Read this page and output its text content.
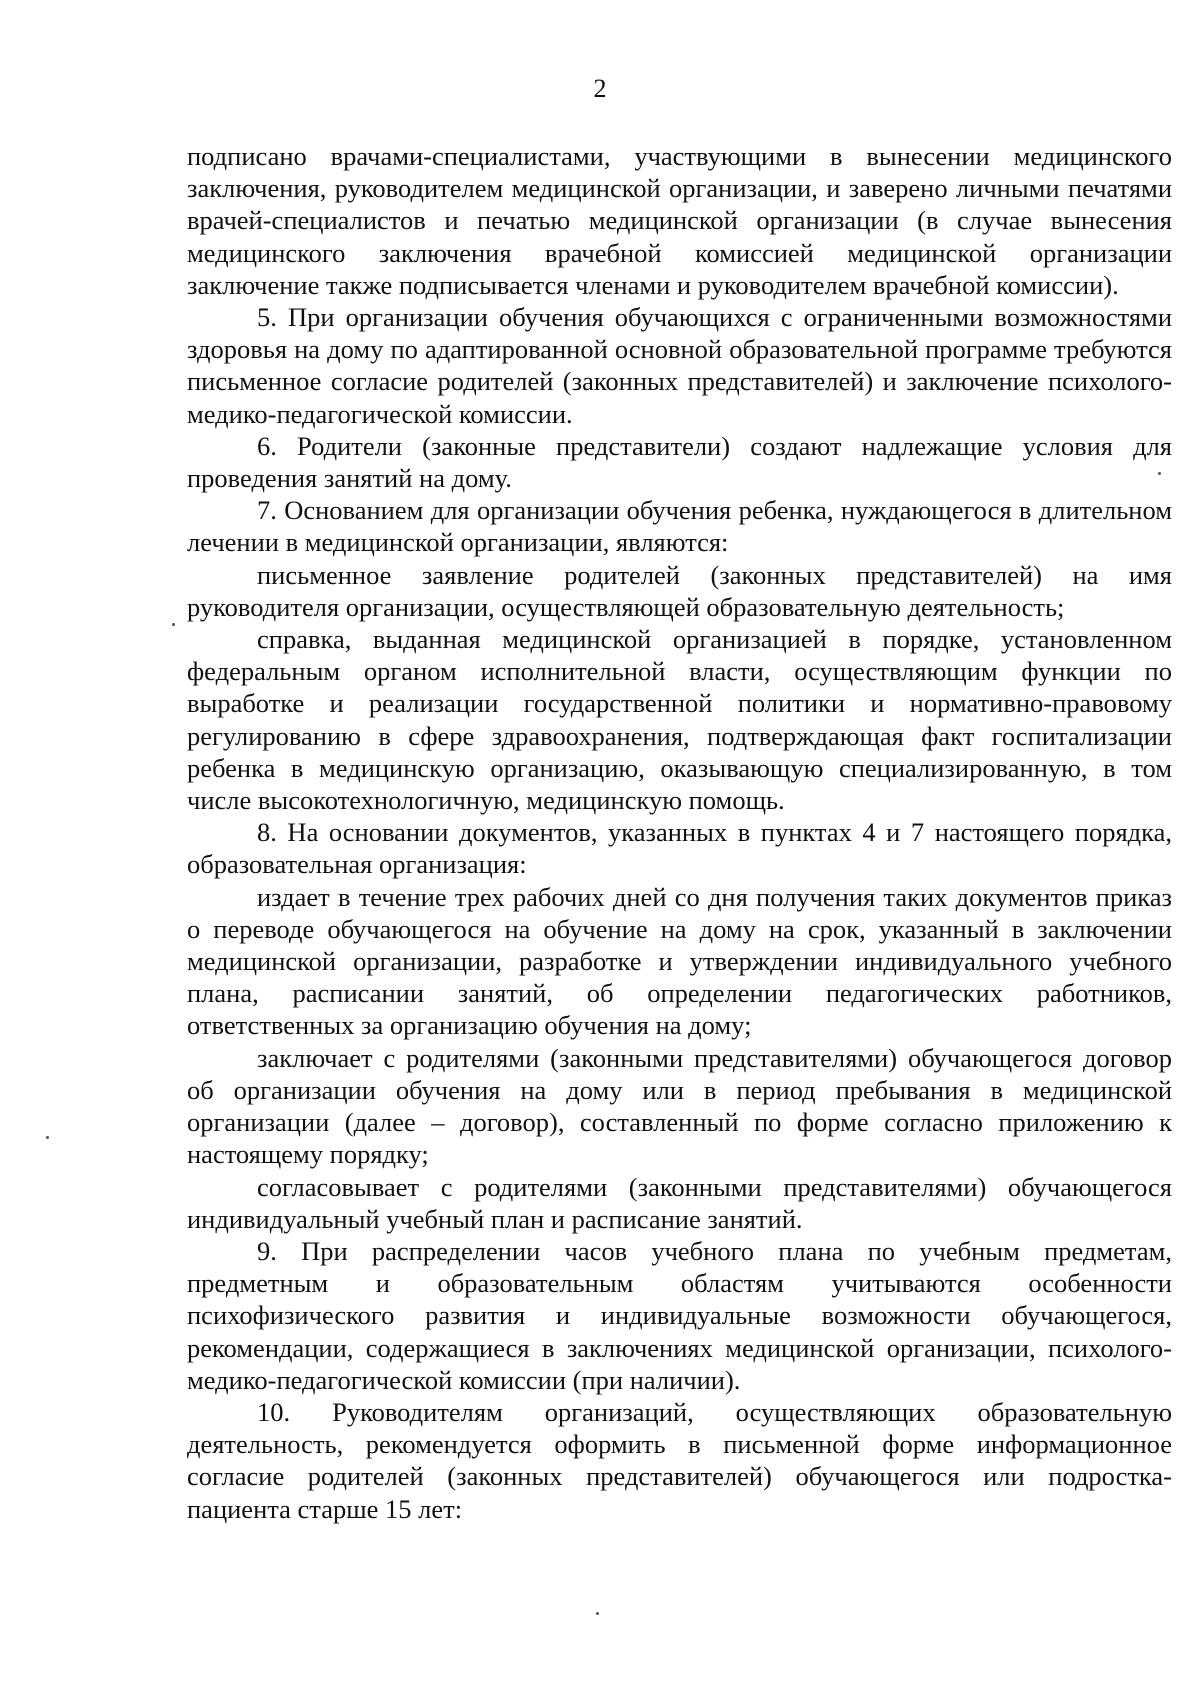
2

подписано врачами-специалистами, участвующими в вынесении медицинского заключения, руководителем медицинской организации, и заверено личными печатями врачей-специалистов и печатью медицинской организации (в случае вынесения медицинского заключения врачебной комиссией медицинской организации заключение также подписывается членами и руководителем врачебной комиссии).

5. При организации обучения обучающихся с ограниченными возможностями здоровья на дому по адаптированной основной образовательной программе требуются письменное согласие родителей (законных представителей) и заключение психолого-медико-педагогической комиссии.

6. Родители (законные представители) создают надлежащие условия для проведения занятий на дому.

7. Основанием для организации обучения ребенка, нуждающегося в длительном лечении в медицинской организации, являются:

письменное заявление родителей (законных представителей) на имя руководителя организации, осуществляющей образовательную деятельность;

справка, выданная медицинской организацией в порядке, установленном федеральным органом исполнительной власти, осуществляющим функции по выработке и реализации государственной политики и нормативно-правовому регулированию в сфере здравоохранения, подтверждающая факт госпитализации ребенка в медицинскую организацию, оказывающую специализированную, в том числе высокотехнологичную, медицинскую помощь.

8. На основании документов, указанных в пунктах 4 и 7 настоящего порядка, образовательная организация:

издает в течение трех рабочих дней со дня получения таких документов приказ о переводе обучающегося на обучение на дому на срок, указанный в заключении медицинской организации, разработке и утверждении индивидуального учебного плана, расписании занятий, об определении педагогических работников, ответственных за организацию обучения на дому;

заключает с родителями (законными представителями) обучающегося договор об организации обучения на дому или в период пребывания в медицинской организации (далее – договор), составленный по форме согласно приложению к настоящему порядку;

согласовывает с родителями (законными представителями) обучающегося индивидуальный учебный план и расписание занятий.

9. При распределении часов учебного плана по учебным предметам, предметным и образовательным областям учитываются особенности психофизического развития и индивидуальные возможности обучающегося, рекомендации, содержащиеся в заключениях медицинской организации, психолого-медико-педагогической комиссии (при наличии).

10. Руководителям организаций, осуществляющих образовательную деятельность, рекомендуется оформить в письменной форме информационное согласие родителей (законных представителей) обучающегося или подростка-пациента старше 15 лет:
